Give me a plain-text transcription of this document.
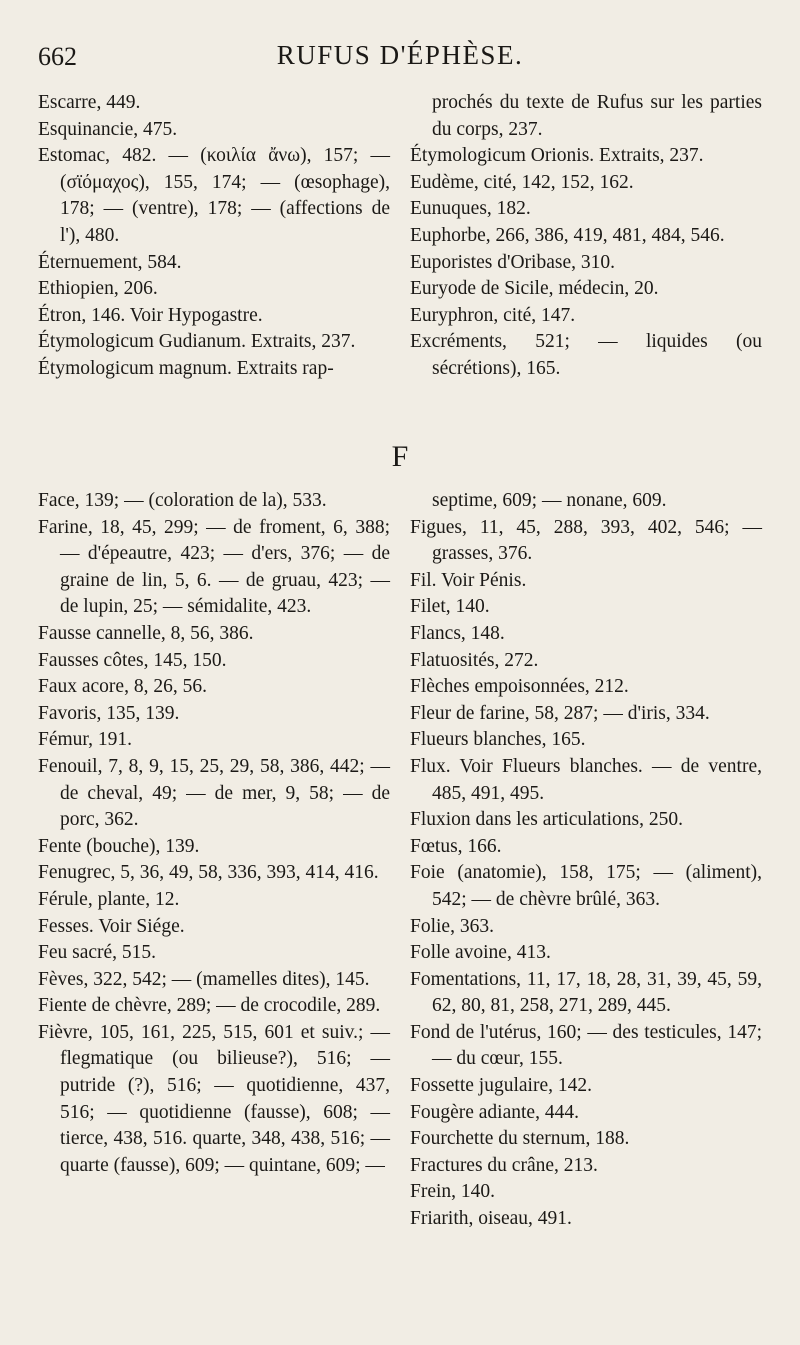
662	RUFUS D'ÉPHÈSE.
Escarre, 449.
Esquinancie, 475.
Estomac, 482. — (κοιλία ἄνω), 157; — (σϊόμαχος), 155, 174; — (œsophage), 178; — (ventre), 178; — (affections de l'), 480.
Éternuement, 584.
Ethiopien, 206.
Étron, 146. Voir Hypogastre.
Étymologicum Gudianum. Extraits, 237.
Étymologicum magnum. Extraits rap-
prochés du texte de Rufus sur les parties du corps, 237.
Étymologicum Orionis. Extraits, 237.
Eudème, cité, 142, 152, 162.
Eunuques, 182.
Euphorbe, 266, 386, 419, 481, 484, 546.
Euporistes d'Oribase, 310.
Euryode de Sicile, médecin, 20.
Euryphron, cité, 147.
Excréments, 521; — liquides (ou sécrétions), 165.
F
Face, 139; — (coloration de la), 533.
Farine, 18, 45, 299; — de froment, 6, 388; — d'épeautre, 423; — d'ers, 376; — de graine de lin, 5, 6. — de gruau, 423; — de lupin, 25; — sémidalite, 423.
Fausse cannelle, 8, 56, 386.
Fausses côtes, 145, 150.
Faux acore, 8, 26, 56.
Favoris, 135, 139.
Fémur, 191.
Fenouil, 7, 8, 9, 15, 25, 29, 58, 386, 442; — de cheval, 49; — de mer, 9, 58; — de porc, 362.
Fente (bouche), 139.
Fenugrec, 5, 36, 49, 58, 336, 393, 414, 416.
Férule, plante, 12.
Fesses. Voir Siége.
Feu sacré, 515.
Fèves, 322, 542; — (mamelles dites), 145.
Fiente de chèvre, 289; — de crocodile, 289.
Fièvre, 105, 161, 225, 515, 601 et suiv.; — flegmatique (ou bilieuse?), 516; — putride (?), 516; — quotidienne, 437, 516; — quotidienne (fausse), 608; — tierce, 438, 516. quarte, 348, 438, 516; — quarte (fausse), 609; — quintane, 609; —
septime, 609; — nonane, 609.
Figues, 11, 45, 288, 393, 402, 546; — grasses, 376.
Fil. Voir Pénis.
Filet, 140.
Flancs, 148.
Flatuosités, 272.
Flèches empoisonnées, 212.
Fleur de farine, 58, 287; — d'iris, 334.
Flueurs blanches, 165.
Flux. Voir Flueurs blanches. — de ventre, 485, 491, 495.
Fluxion dans les articulations, 250.
Fœtus, 166.
Foie (anatomie), 158, 175; — (aliment), 542; — de chèvre brûlé, 363.
Folie, 363.
Folle avoine, 413.
Fomentations, 11, 17, 18, 28, 31, 39, 45, 59, 62, 80, 81, 258, 271, 289, 445.
Fond de l'utérus, 160; — des testicules, 147; — du cœur, 155.
Fossette jugulaire, 142.
Fougère adiante, 444.
Fourchette du sternum, 188.
Fractures du crâne, 213.
Frein, 140.
Friarith, oiseau, 491.
